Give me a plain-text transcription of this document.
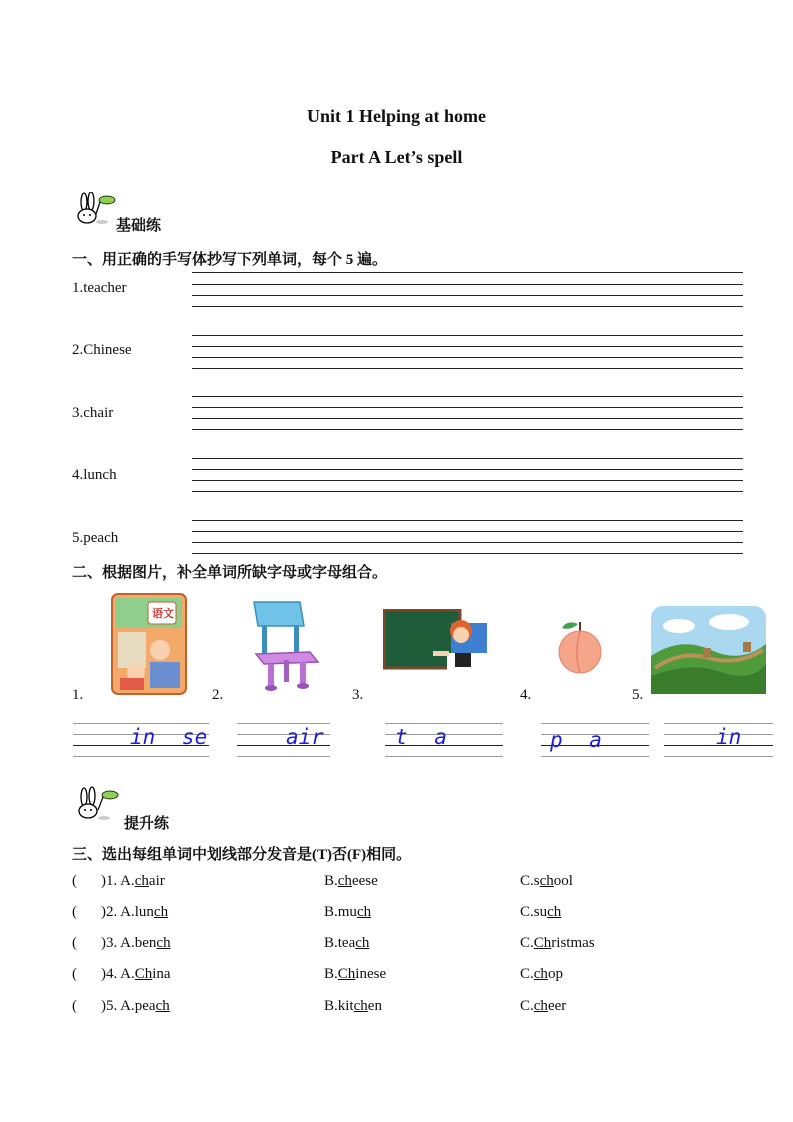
Unit 1 Helping at home
Part A Let’s spell
基础练
一、用正确的手写体抄写下列单词，每个 5 遍。
1.teacher
2.Chinese
3.chair
4.lunch
5.peach
二、根据图片，补全单词所缺字母或字母组合。
语文
1.	2.	3.	4.	5.
in se	air	t a	p a	in
提升练
三、选出每组单词中划线部分发音是(T)否(F)相同。
( )1. A.chair	B.cheese	C.school
( )2. A.lunch	B.much	C.such
( )3. A.bench	B.teach	C.Christmas
( )4. A.China	B.Chinese	C.chop
( )5. A.peach	B.kitchen	C.cheer
